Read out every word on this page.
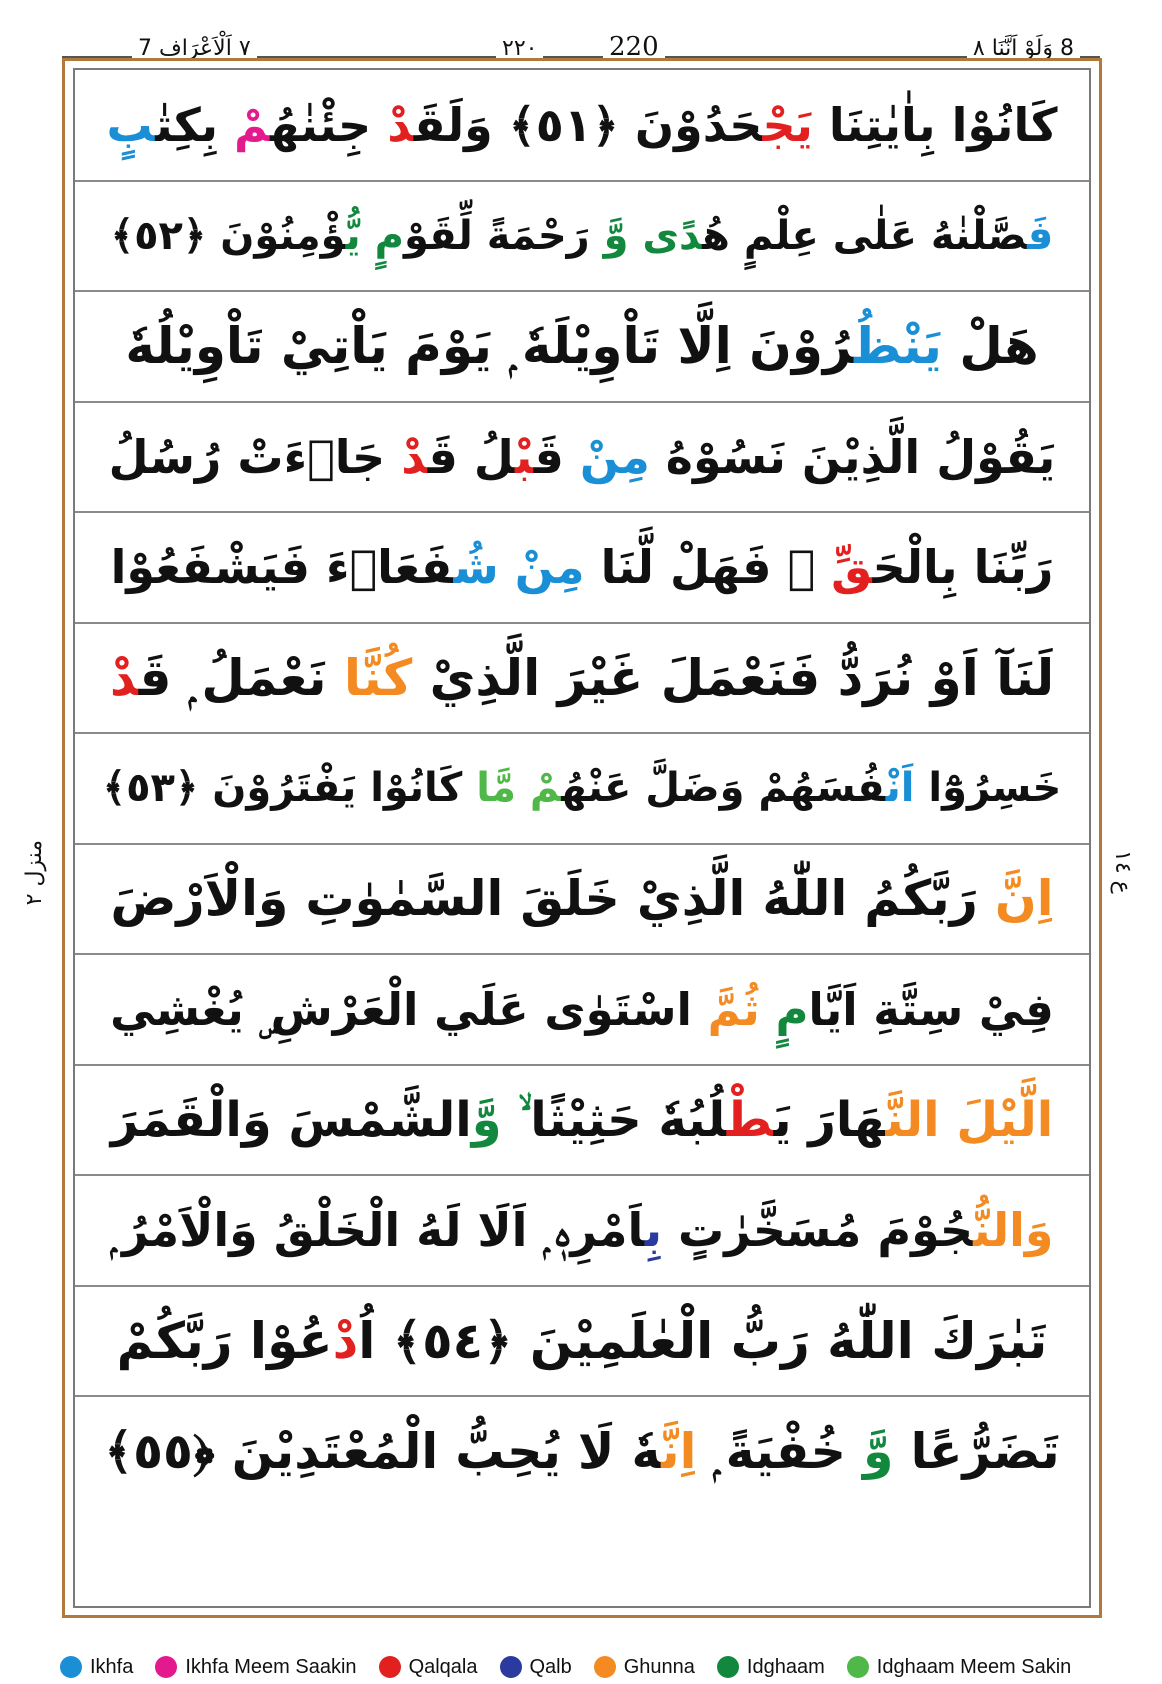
٧ اَلْاَعْرَاف 7	٢٢٠	220	8 وَلَوْ اَنَّنَا ٨
منزل ٢	ع ١٤
كَانُوْا بِاٰيٰتِنَا يَجْحَدُوْنَ ﴿٥١﴾ وَلَقَدْ جِئْنٰهُمْ بِكِتٰبٍ
فَصَّلْنٰهُ عَلٰى عِلْمٍ هُدًى وَّ رَحْمَةً لِّقَوْمٍ يُّؤْمِنُوْنَ ﴿٥٢﴾
هَلْ يَنْظُرُوْنَ اِلَّا تَاْوِيْلَهٗ ۭ يَوْمَ يَاْتِيْ تَاْوِيْلُهٗ
يَقُوْلُ الَّذِيْنَ نَسُوْهُ مِنْ قَبْلُ قَدْ جَاۗءَتْ رُسُلُ
رَبِّنَا بِالْحَقِّ ۚ فَهَلْ لَّنَا مِنْ شُفَعَاۗءَ فَيَشْفَعُوْا
لَنَآ اَوْ نُرَدُّ فَنَعْمَلَ غَيْرَ الَّذِيْ كُنَّا نَعْمَلُ ۭ قَدْ
خَسِرُوْٓا اَنْفُسَهُمْ وَضَلَّ عَنْهُمْ مَّا كَانُوْا يَفْتَرُوْنَ ﴿٥٣﴾
اِنَّ رَبَّكُمُ اللّٰهُ الَّذِيْ خَلَقَ السَّمٰوٰتِ وَالْاَرْضَ
فِيْ سِتَّةِ اَيَّامٍ ثُمَّ اسْتَوٰى عَلَي الْعَرْشِ ۣ يُغْشِي
الَّيْلَ النَّهَارَ يَطْلُبُهٗ حَثِيْثًا ۙ وَّالشَّمْسَ وَالْقَمَرَ
وَالنُّجُوْمَ مُسَخَّرٰتٍ بِاَمْرِهٖ ۭ اَلَا لَهُ الْخَلْقُ وَالْاَمْرُ ۭ
تَبٰرَكَ اللّٰهُ رَبُّ الْعٰلَمِيْنَ ﴿٥٤﴾ اُدْعُوْا رَبَّكُمْ
تَضَرُّعًا وَّ خُفْيَةً ۭ اِنَّهٗ لَا يُحِبُّ الْمُعْتَدِيْنَ ﴿٥٥﴾
Ikhfa	Ikhfa Meem Saakin	Qalqala	Qalb	Ghunna	Idghaam	Idghaam Meem Sakin
